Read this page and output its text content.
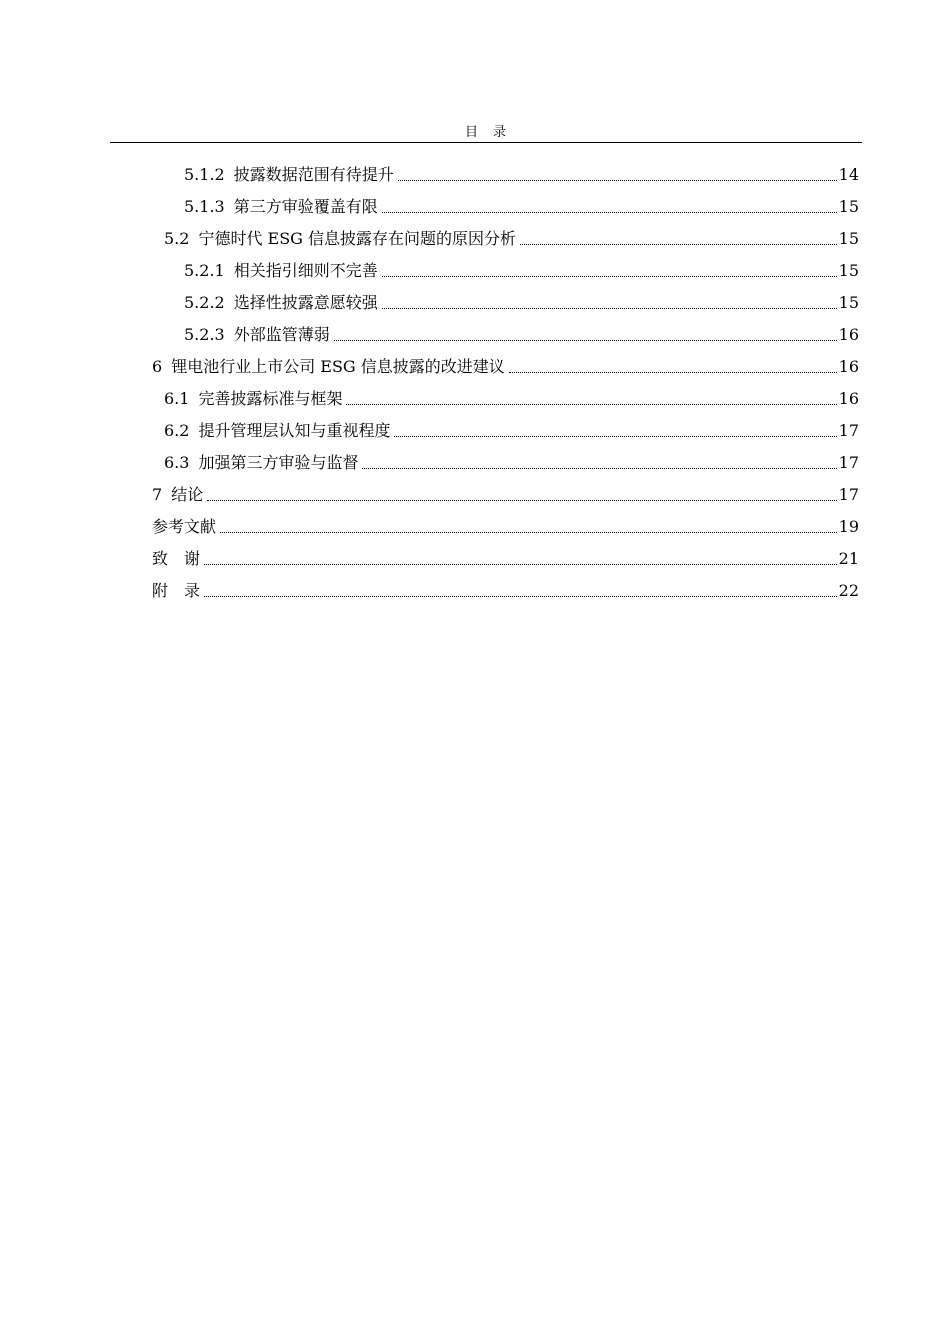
目　录
5.1.2 披露数据范围有待提升	14
5.1.3 第三方审验覆盖有限	15
5.2 宁德时代 ESG 信息披露存在问题的原因分析	15
5.2.1 相关指引细则不完善	15
5.2.2 选择性披露意愿较强	15
5.2.3 外部监管薄弱	16
6 锂电池行业上市公司 ESG 信息披露的改进建议	16
6.1 完善披露标准与框架	16
6.2 提升管理层认知与重视程度	17
6.3 加强第三方审验与监督	17
7 结论	17
参考文献	19
致　谢	21
附　录	22
